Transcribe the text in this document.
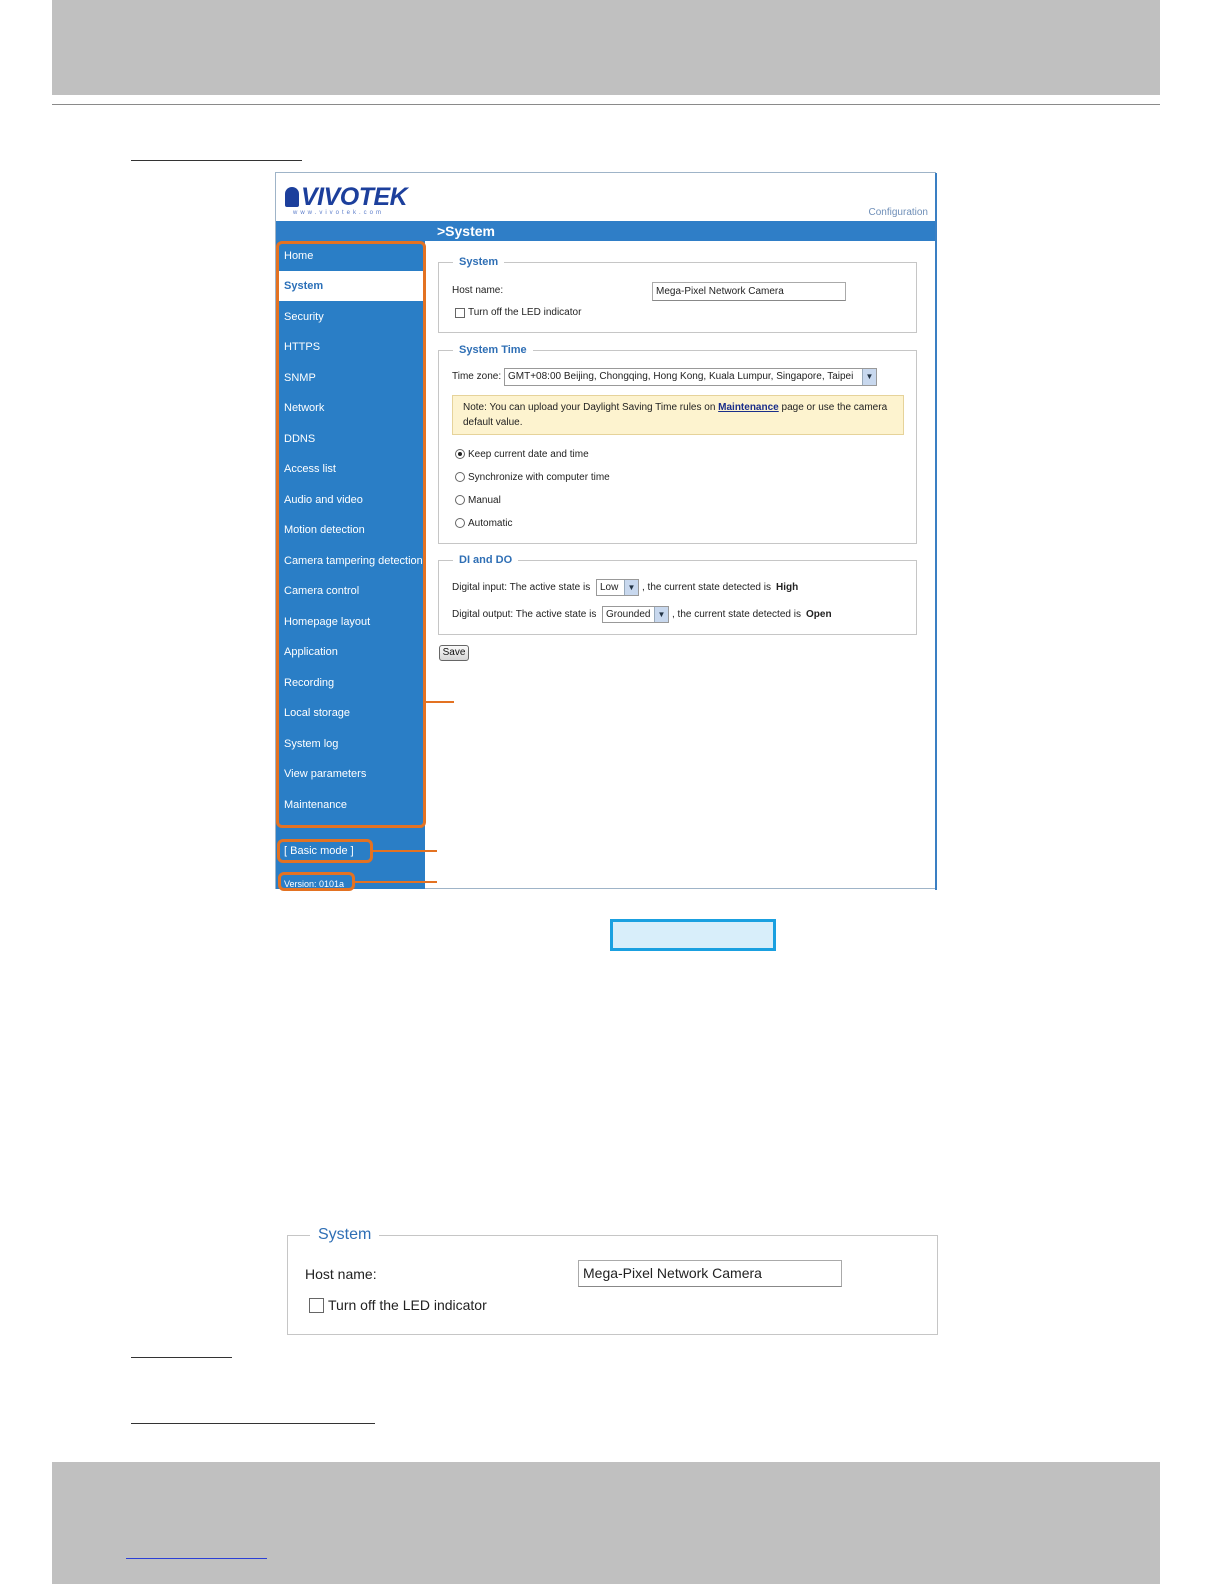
VIVOTEK
www.vivotek.com	Configuration
>System
Home
System
Security
HTTPS
SNMP
Network
DDNS
Access list
Audio and video
Motion detection
Camera tampering detection
Camera control
Homepage layout
Application
Recording
Local storage
System log
View parameters
Maintenance
[ Basic mode ]
Version: 0101a
System
Host name:	Mega-Pixel Network Camera
Turn off the LED indicator
System Time
Time zone: GMT+08:00 Beijing, Chongqing, Hong Kong, Kuala Lumpur, Singapore, Taipei	▼
Note: You can upload your Daylight Saving Time rules on Maintenance page or use the camera default value.
Keep current date and time
Synchronize with computer time
Manual
Automatic
DI and DO
Digital input: The active state is Low	▼ , the current state detected is High
Digital output: The active state is Grounded ▼ , the current state detected is Open
Save
System
Host name:	Mega-Pixel Network Camera
Turn off the LED indicator
